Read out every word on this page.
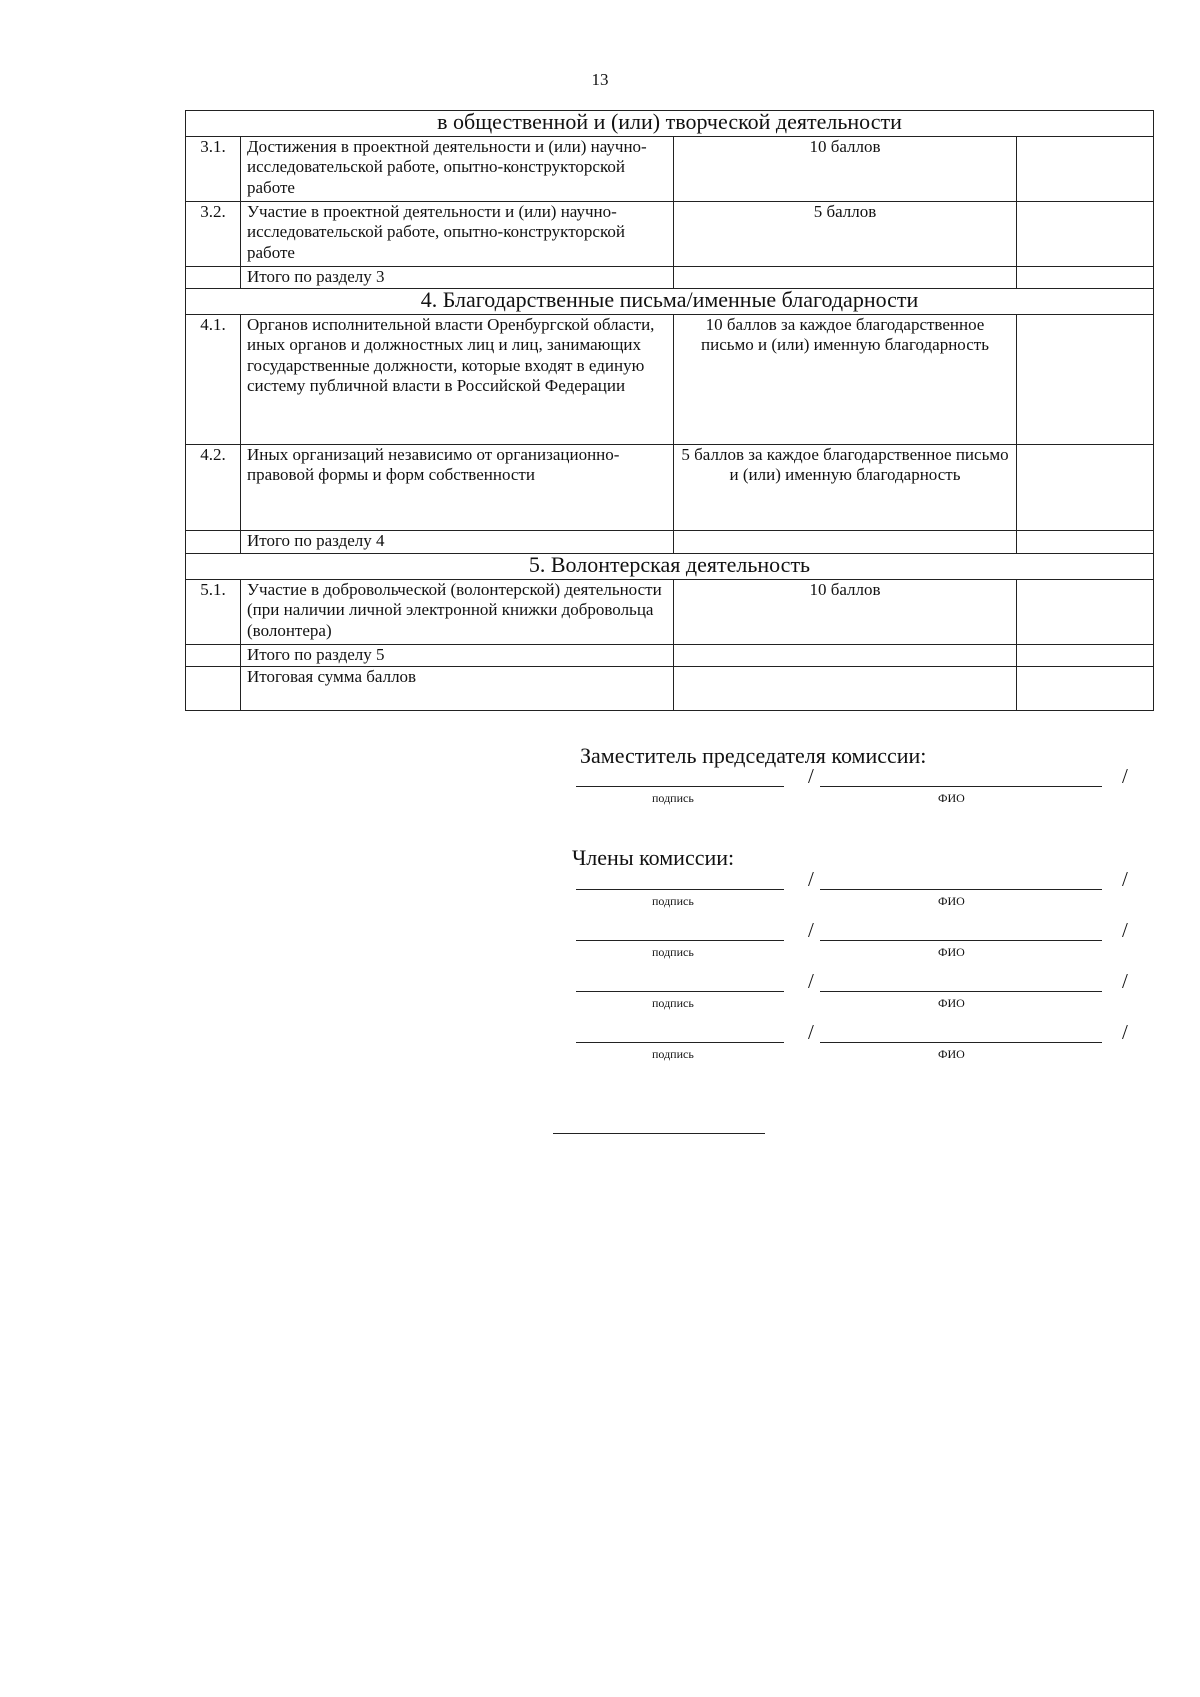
13
в общественной и (или) творческой деятельности			
3.1.	Достижения в проектной деятельности и (или) научно-исследовательской работе, опытно-конструкторской работе	10 баллов	
3.2.	Участие в проектной деятельности и (или) научно-исследовательской работе, опытно-конструкторской работе	5 баллов	
	Итого по разделу 3		
4. Благодарственные письма/именные благодарности			
4.1.	Органов исполнительной власти Оренбургской области, иных органов и должностных лиц и лиц, занимающих государственные должности, которые входят в единую систему публичной власти в Российской Федерации	10 баллов за каждое благодарственное письмо и (или) именную благодарность	
4.2.	Иных организаций независимо от организационно-правовой формы и форм собственности	5 баллов за каждое благодарственное письмо и (или) именную благодарность	
	Итого по разделу 4		
5. Волонтерская деятельность			
5.1.	Участие в добровольческой (волонтерской) деятельности (при наличии личной электронной книжки добровольца (волонтера)	10 баллов	
	Итого по разделу 5		
	Итоговая сумма баллов		
Заместитель председателя комиссии:
/	/
подпись	ФИО
Члены комиссии:
/	/
подпись	ФИО
/	/
подпись	ФИО
/	/
подпись	ФИО
/	/
подпись	ФИО
